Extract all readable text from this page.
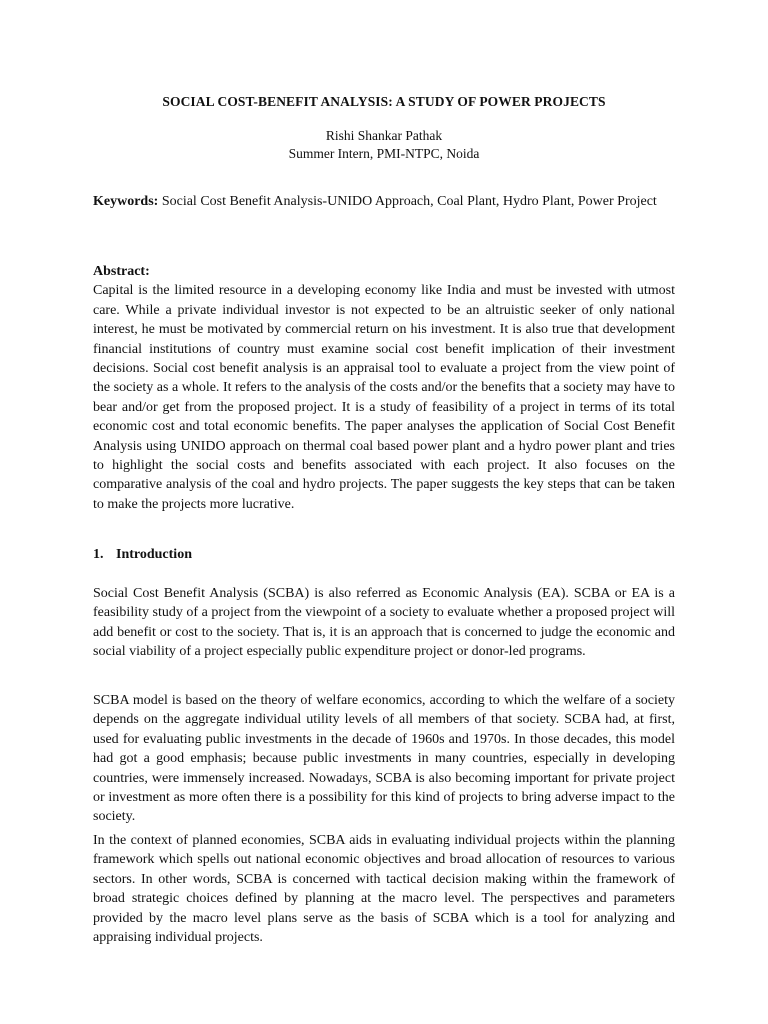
SOCIAL COST-BENEFIT ANALYSIS: A STUDY OF POWER PROJECTS
Rishi Shankar Pathak
Summer Intern, PMI-NTPC, Noida
Keywords: Social Cost Benefit Analysis-UNIDO Approach, Coal Plant, Hydro Plant, Power Project
Abstract:

Capital is the limited resource in a developing economy like India and must be invested with utmost care. While a private individual investor is not expected to be an altruistic seeker of only national interest, he must be motivated by commercial return on his investment. It is also true that development financial institutions of country must examine social cost benefit implication of their investment decisions. Social cost benefit analysis is an appraisal tool to evaluate a project from the view point of the society as a whole. It refers to the analysis of the costs and/or the benefits that a society may have to bear and/or get from the proposed project. It is a study of feasibility of a project in terms of its total economic cost and total economic benefits. The paper analyses the application of Social Cost Benefit Analysis using UNIDO approach on thermal coal based power plant and a hydro power plant and tries to highlight the social costs and benefits associated with each project. It also focuses on the comparative analysis of the coal and hydro projects. The paper suggests the key steps that can be taken to make the projects more lucrative.

1. Introduction

Social Cost Benefit Analysis (SCBA) is also referred as Economic Analysis (EA). SCBA or EA is a feasibility study of a project from the viewpoint of a society to evaluate whether a proposed project will add benefit or cost to the society. That is, it is an approach that is concerned to judge the economic and social viability of a project especially public expenditure project or donor-led programs.

SCBA model is based on the theory of welfare economics, according to which the welfare of a society depends on the aggregate individual utility levels of all members of that society. SCBA had, at first, used for evaluating public investments in the decade of 1960s and 1970s. In those decades, this model had got a good emphasis; because public investments in many countries, especially in developing countries, were immensely increased. Nowadays, SCBA is also becoming important for private project or investment as more often there is a possibility for this kind of projects to bring adverse impact to the society.

In the context of planned economies, SCBA aids in evaluating individual projects within the planning framework which spells out national economic objectives and broad allocation of resources to various sectors. In other words, SCBA is concerned with tactical decision making within the framework of broad strategic choices defined by planning at the macro level. The perspectives and parameters provided by the macro level plans serve as the basis of SCBA which is a tool for analyzing and appraising individual projects.
